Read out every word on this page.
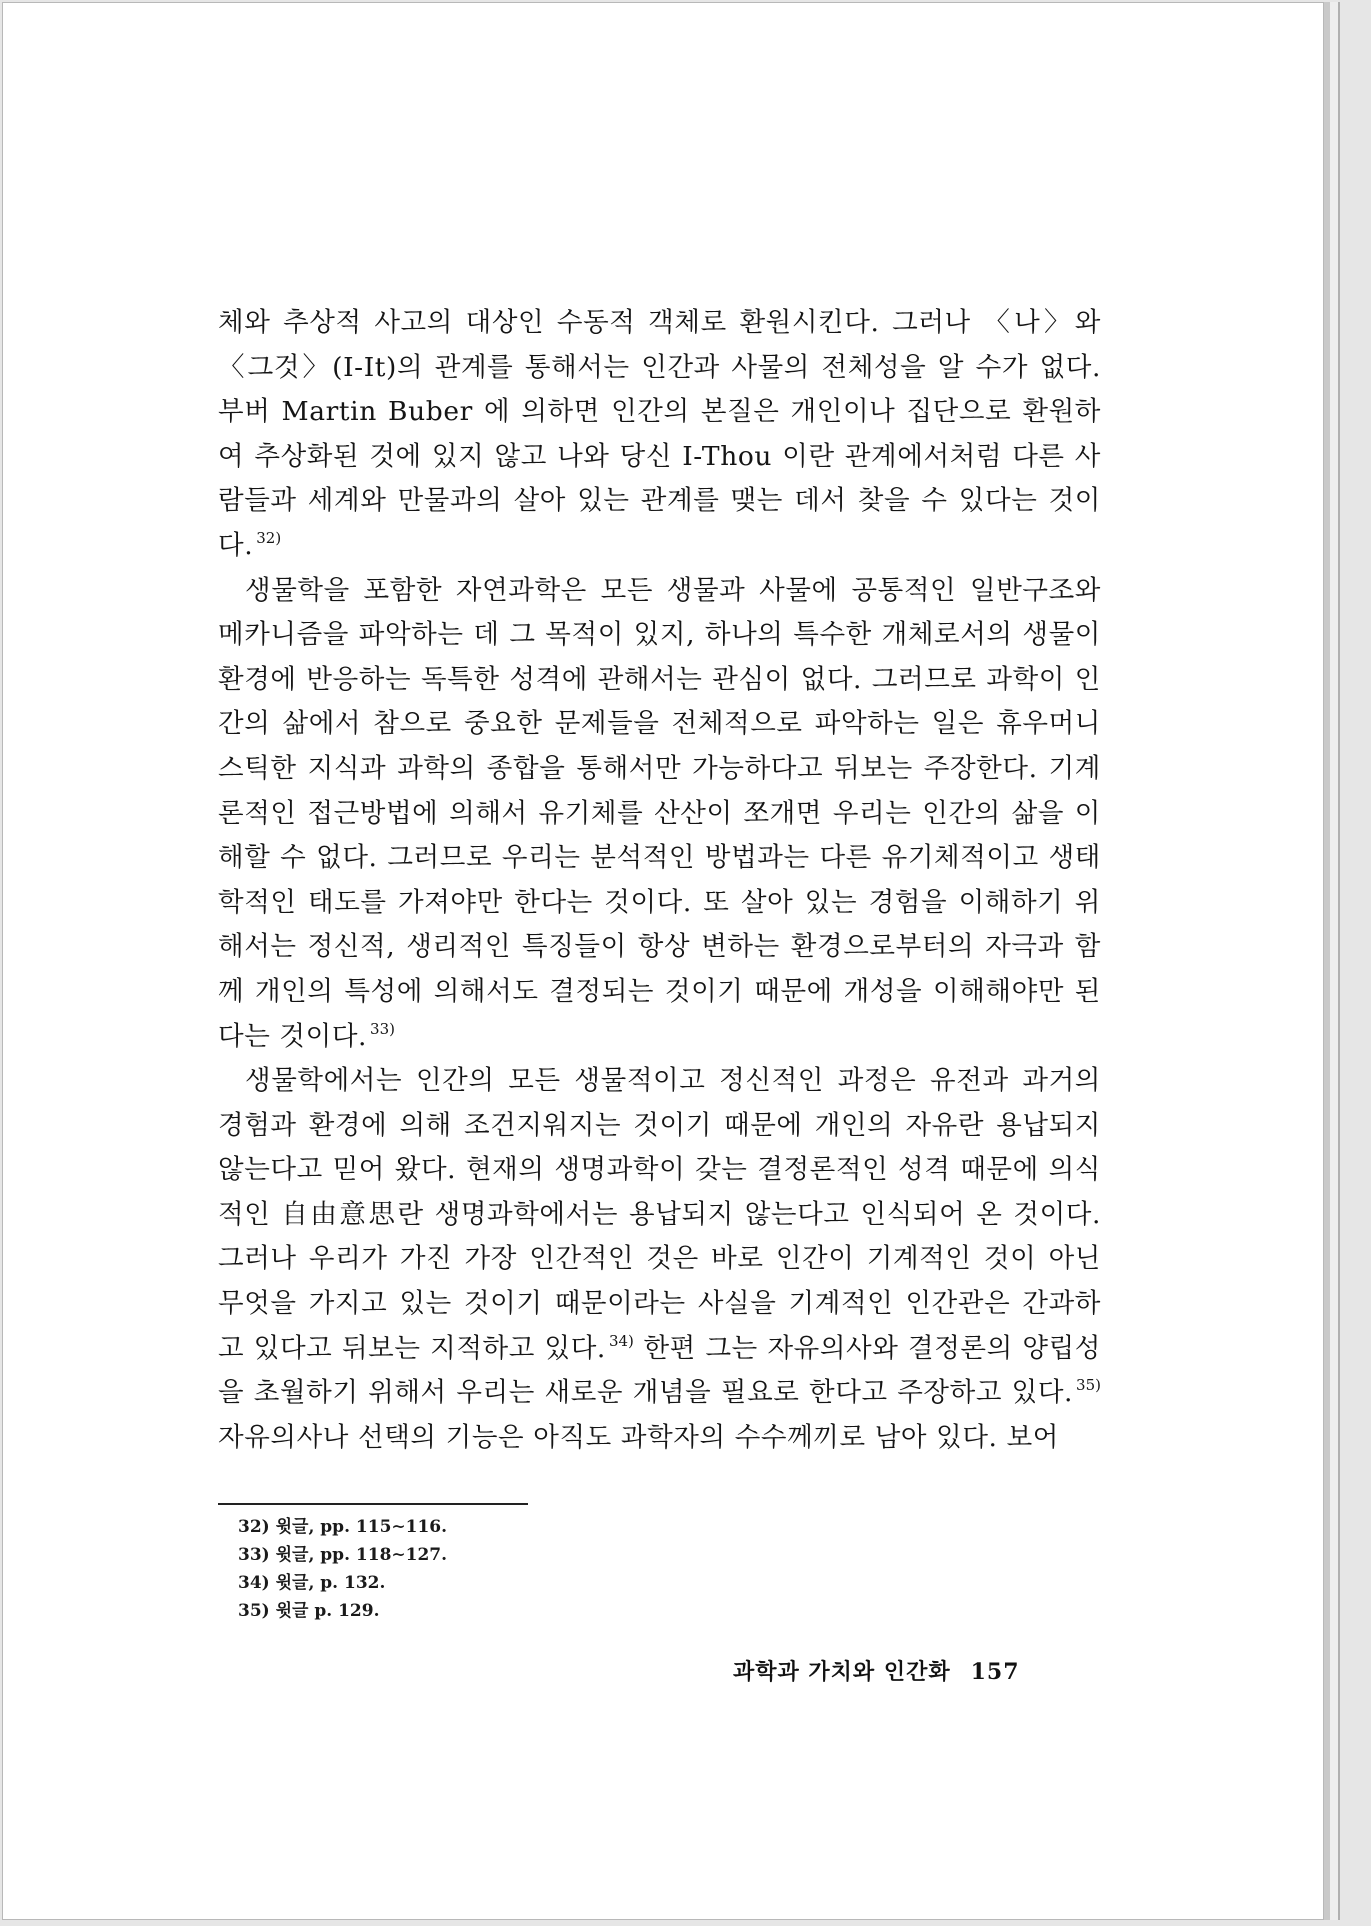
체와 추상적 사고의 대상인 수동적 객체로 환원시킨다. 그러나 〈나〉와 〈그것〉(I-It)의 관계를 통해서는 인간과 사물의 전체성을 알 수가 없다. 부버 Martin Buber 에 의하면 인간의 본질은 개인이나 집단으로 환원하여 추상화된 것에 있지 않고 나와 당신 I-Thou 이란 관계에서처럼 다른 사람들과 세계와 만물과의 살아 있는 관계를 맺는 데서 찾을 수 있다는 것이다. $^{32)}$

생물학을 포함한 자연과학은 모든 생물과 사물에 공통적인 일반구조와 메카니즘을 파악하는 데 그 목적이 있지, 하나의 특수한 개체로서의 생물이 환경에 반응하는 독특한 성격에 관해서는 관심이 없다. 그러므로 과학이 인간의 삶에서 참으로 중요한 문제들을 전체적으로 파악하는 일은 휴우머니스틱한 지식과 과학의 종합을 통해서만 가능하다고 뒤보는 주장한다. 기계론적인 접근방법에 의해서 유기체를 산산이 쪼개면 우리는 인간의 삶을 이해할 수 없다. 그러므로 우리는 분석적인 방법과는 다른 유기체적이고 생태학적인 태도를 가져야만 한다는 것이다. 또 살아 있는 경험을 이해하기 위해서는 정신적, 생리적인 특징들이 항상 변하는 환경으로부터의 자극과 함께 개인의 특성에 의해서도 결정되는 것이기 때문에 개성을 이해해야만 된다는 것이다. $^{33)}$

생물학에서는 인간의 모든 생물적이고 정신적인 과정은 유전과 과거의 경험과 환경에 의해 조건지워지는 것이기 때문에 개인의 자유란 용납되지 않는다고 믿어 왔다. 현재의 생명과학이 갖는 결정론적인 성격 때문에 의식적인 自由意思란 생명과학에서는 용납되지 않는다고 인식되어 온 것이다. 그러나 우리가 가진 가장 인간적인 것은 바로 인간이 기계적인 것이 아닌 무엇을 가지고 있는 것이기 때문이라는 사실을 기계적인 인간관은 간과하고 있다고 뒤보는 지적하고 있다. $^{34)}$ 한편 그는 자유의사와 결정론의 양립성을 초월하기 위해서 우리는 새로운 개념을 필요로 한다고 주장하고 있다. $^{35)}$ 자유의사나 선택의 기능은 아직도 과학자의 수수께끼로 남아 있다. 보어

32) 윗글, pp. 115∼116.
33) 윗글, pp. 118∼127.
34) 윗글, p. 132.
35) 윗글 p. 129.
과학과 가치와 인간화 157
